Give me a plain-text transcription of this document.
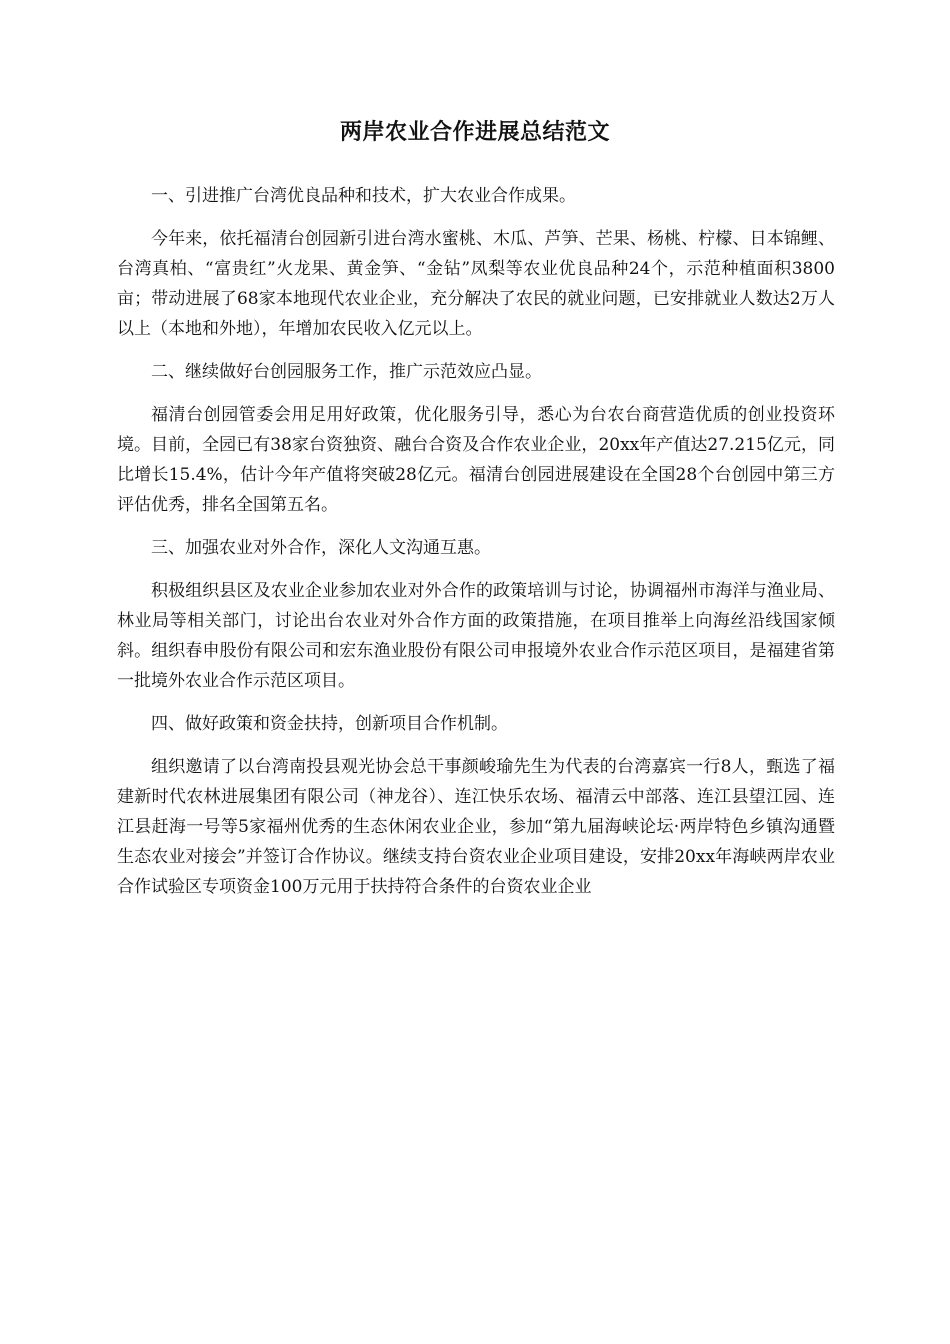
两岸农业合作进展总结范文

一、引进推广台湾优良品种和技术，扩大农业合作成果。

今年来，依托福清台创园新引进台湾水蜜桃、木瓜、芦笋、芒果、杨桃、柠檬、日本锦鲤、台湾真柏、“富贵红”火龙果、黄金笋、“金钻”凤梨等农业优良品种24个，示范种植面积3800亩；带动进展了68家本地现代农业企业，充分解决了农民的就业问题，已安排就业人数达2万人以上（本地和外地），年增加农民收入亿元以上。

二、继续做好台创园服务工作，推广示范效应凸显。

福清台创园管委会用足用好政策，优化服务引导，悉心为台农台商营造优质的创业投资环境。目前，全园已有38家台资独资、融台合资及合作农业企业，20xx年产值达27.215亿元，同比增长15.4%，估计今年产值将突破28亿元。福清台创园进展建设在全国28个台创园中第三方评估优秀，排名全国第五名。

三、加强农业对外合作，深化人文沟通互惠。

积极组织县区及农业企业参加农业对外合作的政策培训与讨论，协调福州市海洋与渔业局、林业局等相关部门，讨论出台农业对外合作方面的政策措施，在项目推举上向海丝沿线国家倾斜。组织春申股份有限公司和宏东渔业股份有限公司申报境外农业合作示范区项目，是福建省第一批境外农业合作示范区项目。

四、做好政策和资金扶持，创新项目合作机制。

组织邀请了以台湾南投县观光协会总干事颜峻瑜先生为代表的台湾嘉宾一行8人，甄选了福建新时代农林进展集团有限公司（神龙谷）、连江快乐农场、福清云中部落、连江县望江园、连江县赶海一号等5家福州优秀的生态休闲农业企业，参加“第九届海峡论坛·两岸特色乡镇沟通暨生态农业对接会”并签订合作协议。继续支持台资农业企业项目建设，安排20xx年海峡两岸农业合作试验区专项资金100万元用于扶持符合条件的台资农业企业
